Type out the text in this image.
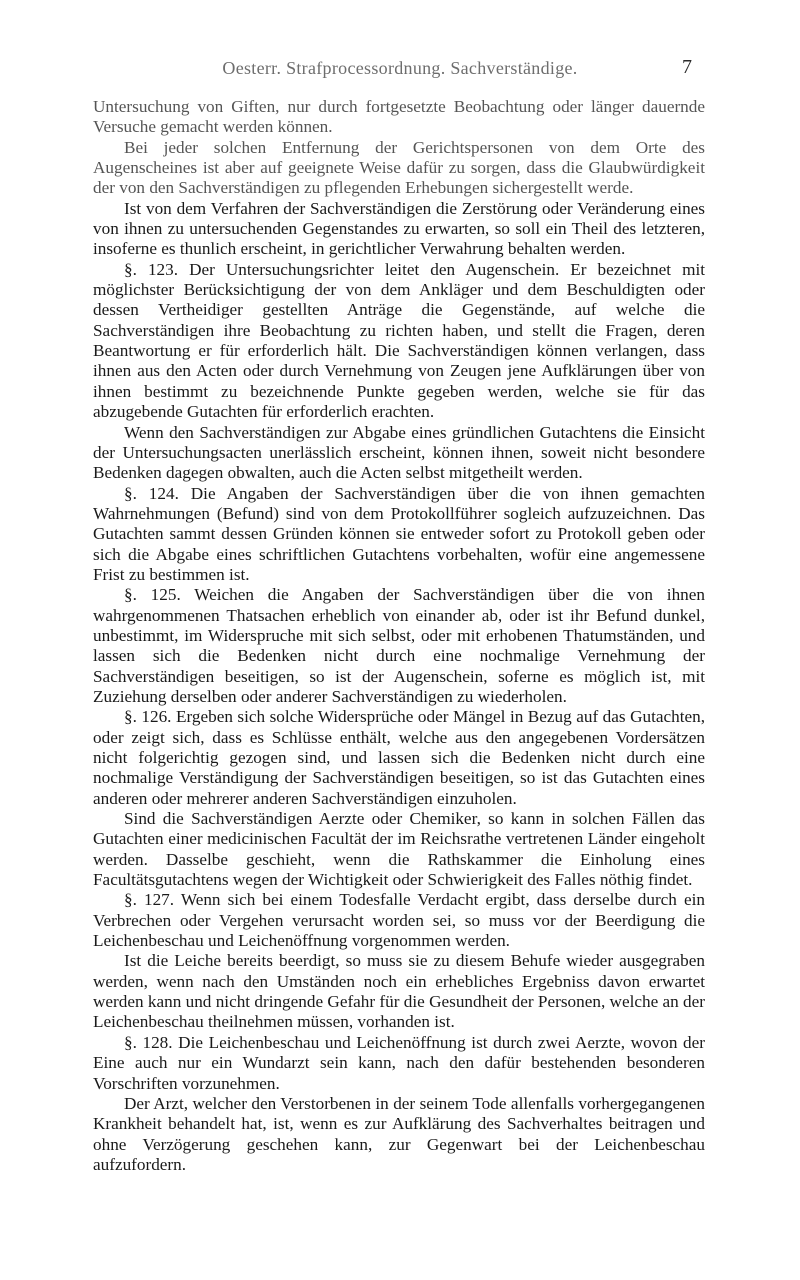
Oesterr. Strafprocessordnung. Sachverständige.	7

Untersuchung von Giften, nur durch fortgesetzte Beobachtung oder länger dauernde Versuche gemacht werden können.

Bei jeder solchen Entfernung der Gerichtspersonen von dem Orte des Augenscheines ist aber auf geeignete Weise dafür zu sorgen, dass die Glaubwürdigkeit der von den Sachverständigen zu pflegenden Erhebungen sichergestellt werde.

Ist von dem Verfahren der Sachverständigen die Zerstörung oder Veränderung eines von ihnen zu untersuchenden Gegenstandes zu erwarten, so soll ein Theil des letzteren, insoferne es thunlich erscheint, in gerichtlicher Verwahrung behalten werden.

§. 123. Der Untersuchungsrichter leitet den Augenschein. Er bezeichnet mit möglichster Berücksichtigung der von dem Ankläger und dem Beschuldigten oder dessen Vertheidiger gestellten Anträge die Gegenstände, auf welche die Sachverständigen ihre Beobachtung zu richten haben, und stellt die Fragen, deren Beantwortung er für erforderlich hält. Die Sachverständigen können verlangen, dass ihnen aus den Acten oder durch Vernehmung von Zeugen jene Aufklärungen über von ihnen bestimmt zu bezeichnende Punkte gegeben werden, welche sie für das abzugebende Gutachten für erforderlich erachten.

Wenn den Sachverständigen zur Abgabe eines gründlichen Gutachtens die Einsicht der Untersuchungsacten unerlässlich erscheint, können ihnen, soweit nicht besondere Bedenken dagegen obwalten, auch die Acten selbst mitgetheilt werden.

§. 124. Die Angaben der Sachverständigen über die von ihnen gemachten Wahrnehmungen (Befund) sind von dem Protokollführer sogleich aufzuzeichnen. Das Gutachten sammt dessen Gründen können sie entweder sofort zu Protokoll geben oder sich die Abgabe eines schriftlichen Gutachtens vorbehalten, wofür eine angemessene Frist zu bestimmen ist.

§. 125. Weichen die Angaben der Sachverständigen über die von ihnen wahrgenommenen Thatsachen erheblich von einander ab, oder ist ihr Befund dunkel, unbestimmt, im Widerspruche mit sich selbst, oder mit erhobenen Thatumständen, und lassen sich die Bedenken nicht durch eine nochmalige Vernehmung der Sachverständigen beseitigen, so ist der Augenschein, soferne es möglich ist, mit Zuziehung derselben oder anderer Sachverständigen zu wiederholen.

§. 126. Ergeben sich solche Widersprüche oder Mängel in Bezug auf das Gutachten, oder zeigt sich, dass es Schlüsse enthält, welche aus den angegebenen Vordersätzen nicht folgerichtig gezogen sind, und lassen sich die Bedenken nicht durch eine nochmalige Verständigung der Sachverständigen beseitigen, so ist das Gutachten eines anderen oder mehrerer anderen Sachverständigen einzuholen.

Sind die Sachverständigen Aerzte oder Chemiker, so kann in solchen Fällen das Gutachten einer medicinischen Facultät der im Reichsrathe vertretenen Länder eingeholt werden. Dasselbe geschieht, wenn die Rathskammer die Einholung eines Facultätsgutachtens wegen der Wichtigkeit oder Schwierigkeit des Falles nöthig findet.

§. 127. Wenn sich bei einem Todesfalle Verdacht ergibt, dass derselbe durch ein Verbrechen oder Vergehen verursacht worden sei, so muss vor der Beerdigung die Leichenbeschau und Leichenöffnung vorgenommen werden.

Ist die Leiche bereits beerdigt, so muss sie zu diesem Behufe wieder ausgegraben werden, wenn nach den Umständen noch ein erhebliches Ergebniss davon erwartet werden kann und nicht dringende Gefahr für die Gesundheit der Personen, welche an der Leichenbeschau theilnehmen müssen, vorhanden ist.

§. 128. Die Leichenbeschau und Leichenöffnung ist durch zwei Aerzte, wovon der Eine auch nur ein Wundarzt sein kann, nach den dafür bestehenden besonderen Vorschriften vorzunehmen.

Der Arzt, welcher den Verstorbenen in der seinem Tode allenfalls vorhergegangenen Krankheit behandelt hat, ist, wenn es zur Aufklärung des Sachverhaltes beitragen und ohne Verzögerung geschehen kann, zur Gegenwart bei der Leichenbeschau aufzufordern.
